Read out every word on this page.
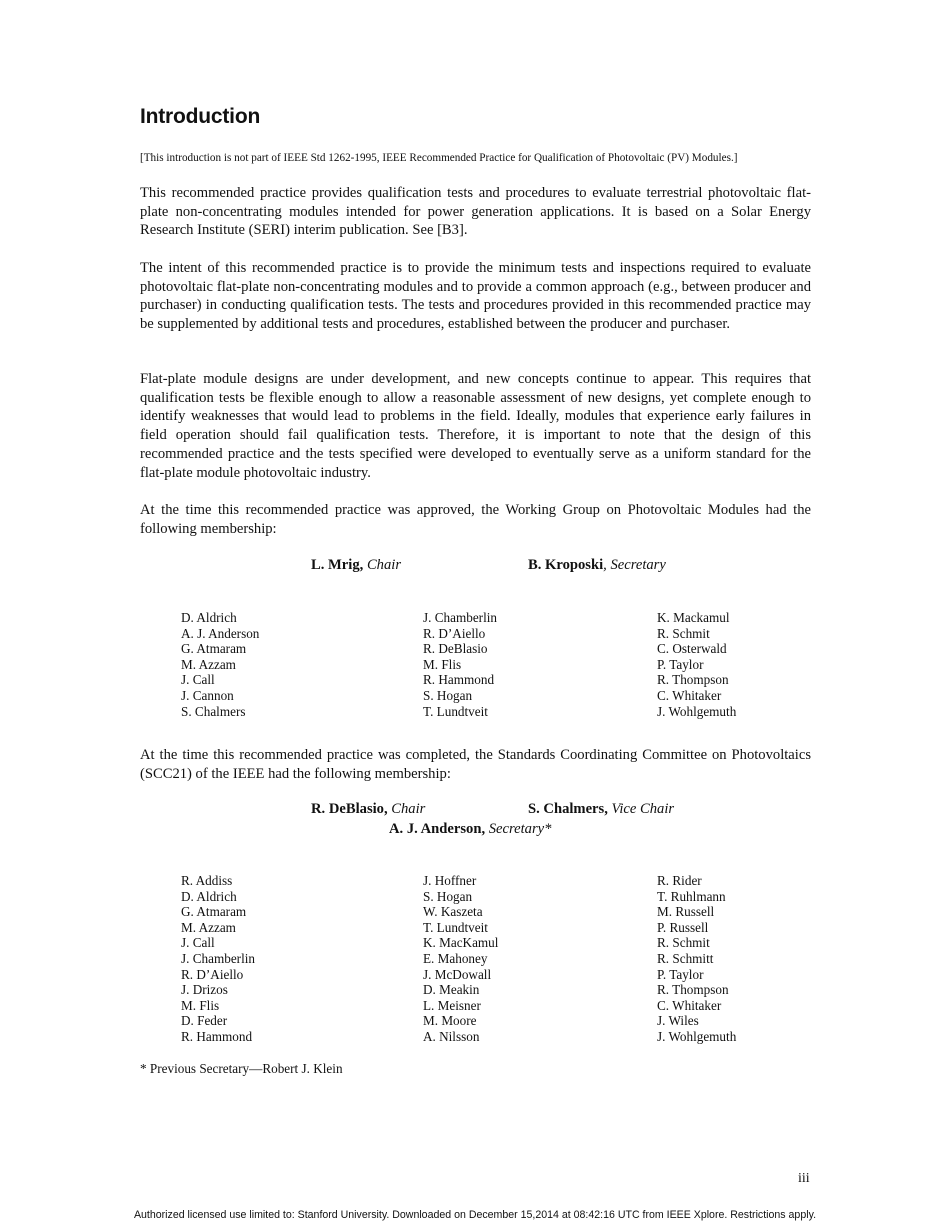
Introduction
[This introduction is not part of IEEE Std 1262-1995, IEEE Recommended Practice for Qualification of Photovoltaic (PV) Modules.]

This recommended practice provides qualification tests and procedures to evaluate terrestrial photovoltaic flat-plate non-concentrating modules intended for power generation applications. It is based on a Solar Energy Research Institute (SERI) interim publication. See [B3].

The intent of this recommended practice is to provide the minimum tests and inspections required to evaluate photovoltaic flat-plate non-concentrating modules and to provide a common approach (e.g., between producer and purchaser) in conducting qualification tests. The tests and procedures provided in this recommended practice may be supplemented by additional tests and procedures, established between the producer and purchaser.

Flat-plate module designs are under development, and new concepts continue to appear. This requires that qualification tests be flexible enough to allow a reasonable assessment of new designs, yet complete enough to identify weaknesses that would lead to problems in the field. Ideally, modules that experience early failures in field operation should fail qualification tests. Therefore, it is important to note that the design of this recommended practice and the tests specified were developed to eventually serve as a uniform standard for the flat-plate module photovoltaic industry.

At the time this recommended practice was approved, the Working Group on Photovoltaic Modules had the following membership:

L. Mrig, Chair	B. Kroposki, Secretary
D. Aldrich
A. J. Anderson
G. Atmaram
M. Azzam
J. Call
J. Cannon
S. Chalmers
J. Chamberlin
R. D’Aiello
R. DeBlasio
M. Flis
R. Hammond
S. Hogan
T. Lundtveit
K. Mackamul
R. Schmit
C. Osterwald
P. Taylor
R. Thompson
C. Whitaker
J. Wohlgemuth

At the time this recommended practice was completed, the Standards Coordinating Committee on Photovoltaics (SCC21) of the IEEE had the following membership:

R. DeBlasio, Chair	S. Chalmers, Vice Chair
A. J. Anderson, Secretary*
R. Addiss
D. Aldrich
G. Atmaram
M. Azzam
J. Call
J. Chamberlin
R. D’Aiello
J. Drizos
M. Flis
D. Feder
R. Hammond
J. Hoffner
S. Hogan
W. Kaszeta
T. Lundtveit
K. MacKamul
E. Mahoney
J. McDowall
D. Meakin
L. Meisner
M. Moore
A. Nilsson
R. Rider
T. Ruhlmann
M. Russell
P. Russell
R. Schmit
R. Schmitt
P. Taylor
R. Thompson
C. Whitaker
J. Wiles
J. Wohlgemuth
* Previous Secretary—Robert J. Klein
iii
Authorized licensed use limited to: Stanford University. Downloaded on December 15,2014 at 08:42:16 UTC from IEEE Xplore. Restrictions apply.
